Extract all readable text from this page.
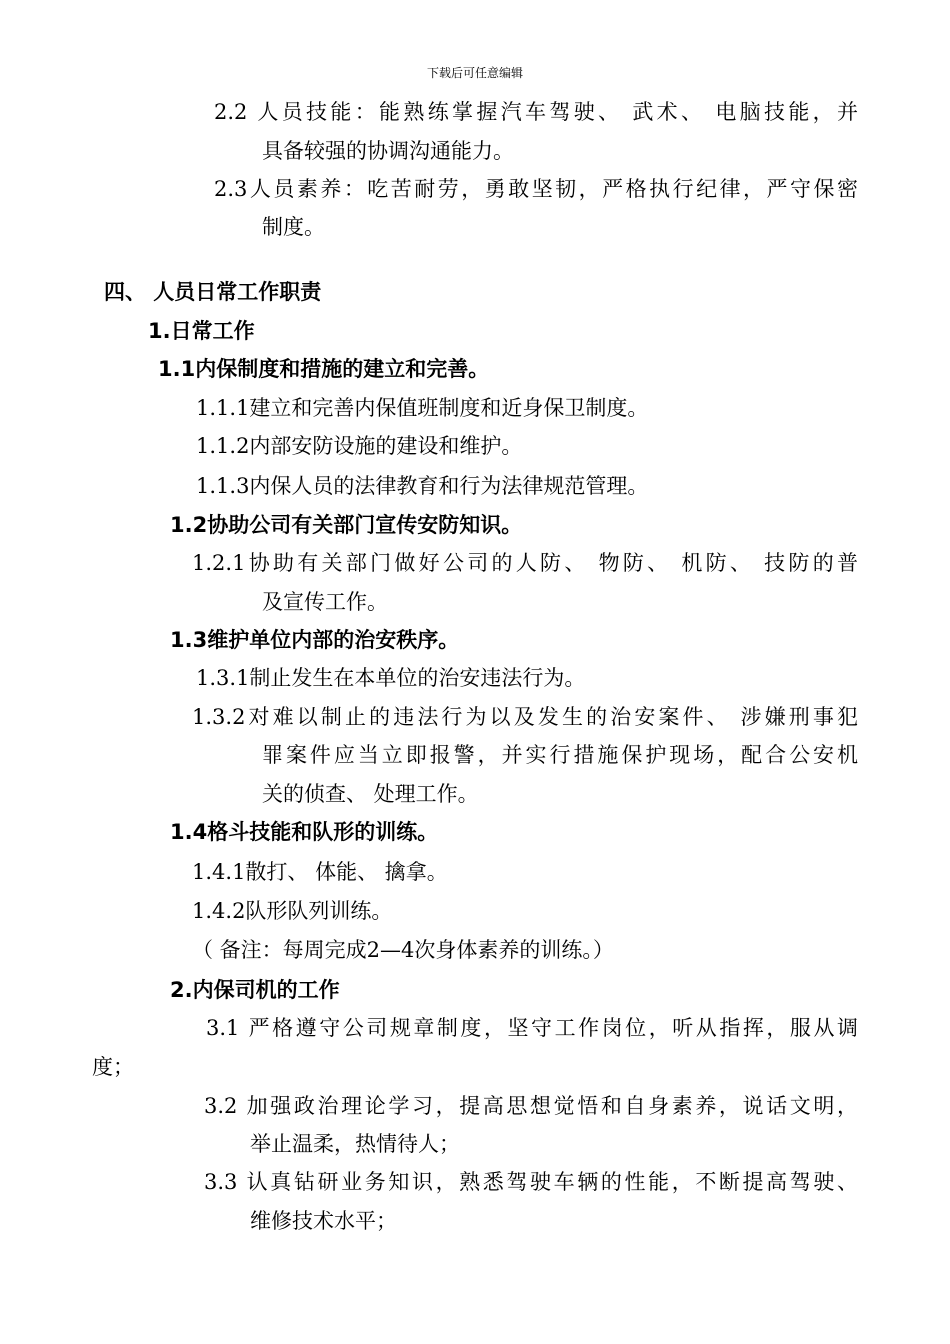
下载后可任意编辑
2.2 人员技能：能熟练掌握汽车驾驶、 武术、 电脑技能，并
具备较强的协调沟通能力。
2.3人员素养：吃苦耐劳，勇敢坚韧，严格执行纪律，严守保密
制度。
四、 人员日常工作职责
1.日常工作
1.1内保制度和措施的建立和完善。
1.1.1建立和完善内保值班制度和近身保卫制度。
1.1.2内部安防设施的建设和维护。
1.1.3内保人员的法律教育和行为法律规范管理。
1.2协助公司有关部门宣传安防知识。
1.2.1协助有关部门做好公司的人防、 物防、 机防、 技防的普
及宣传工作。
1.3维护单位内部的治安秩序。
1.3.1制止发生在本单位的治安违法行为。
1.3.2对难以制止的违法行为以及发生的治安案件、 涉嫌刑事犯
罪案件应当立即报警，并实行措施保护现场，配合公安机
关的侦查、 处理工作。
1.4格斗技能和队形的训练。
1.4.1散打、 体能、 擒拿。
1.4.2队形队列训练。
（ 备注：每周完成2—4次身体素养的训练。）
2.内保司机的工作
3.1 严格遵守公司规章制度，坚守工作岗位，听从指挥，服从调
度；
3.2 加强政治理论学习，提高思想觉悟和自身素养，说话文明，
举止温柔，热情待人；
3.3 认真钻研业务知识，熟悉驾驶车辆的性能，不断提高驾驶、
维修技术水平；
